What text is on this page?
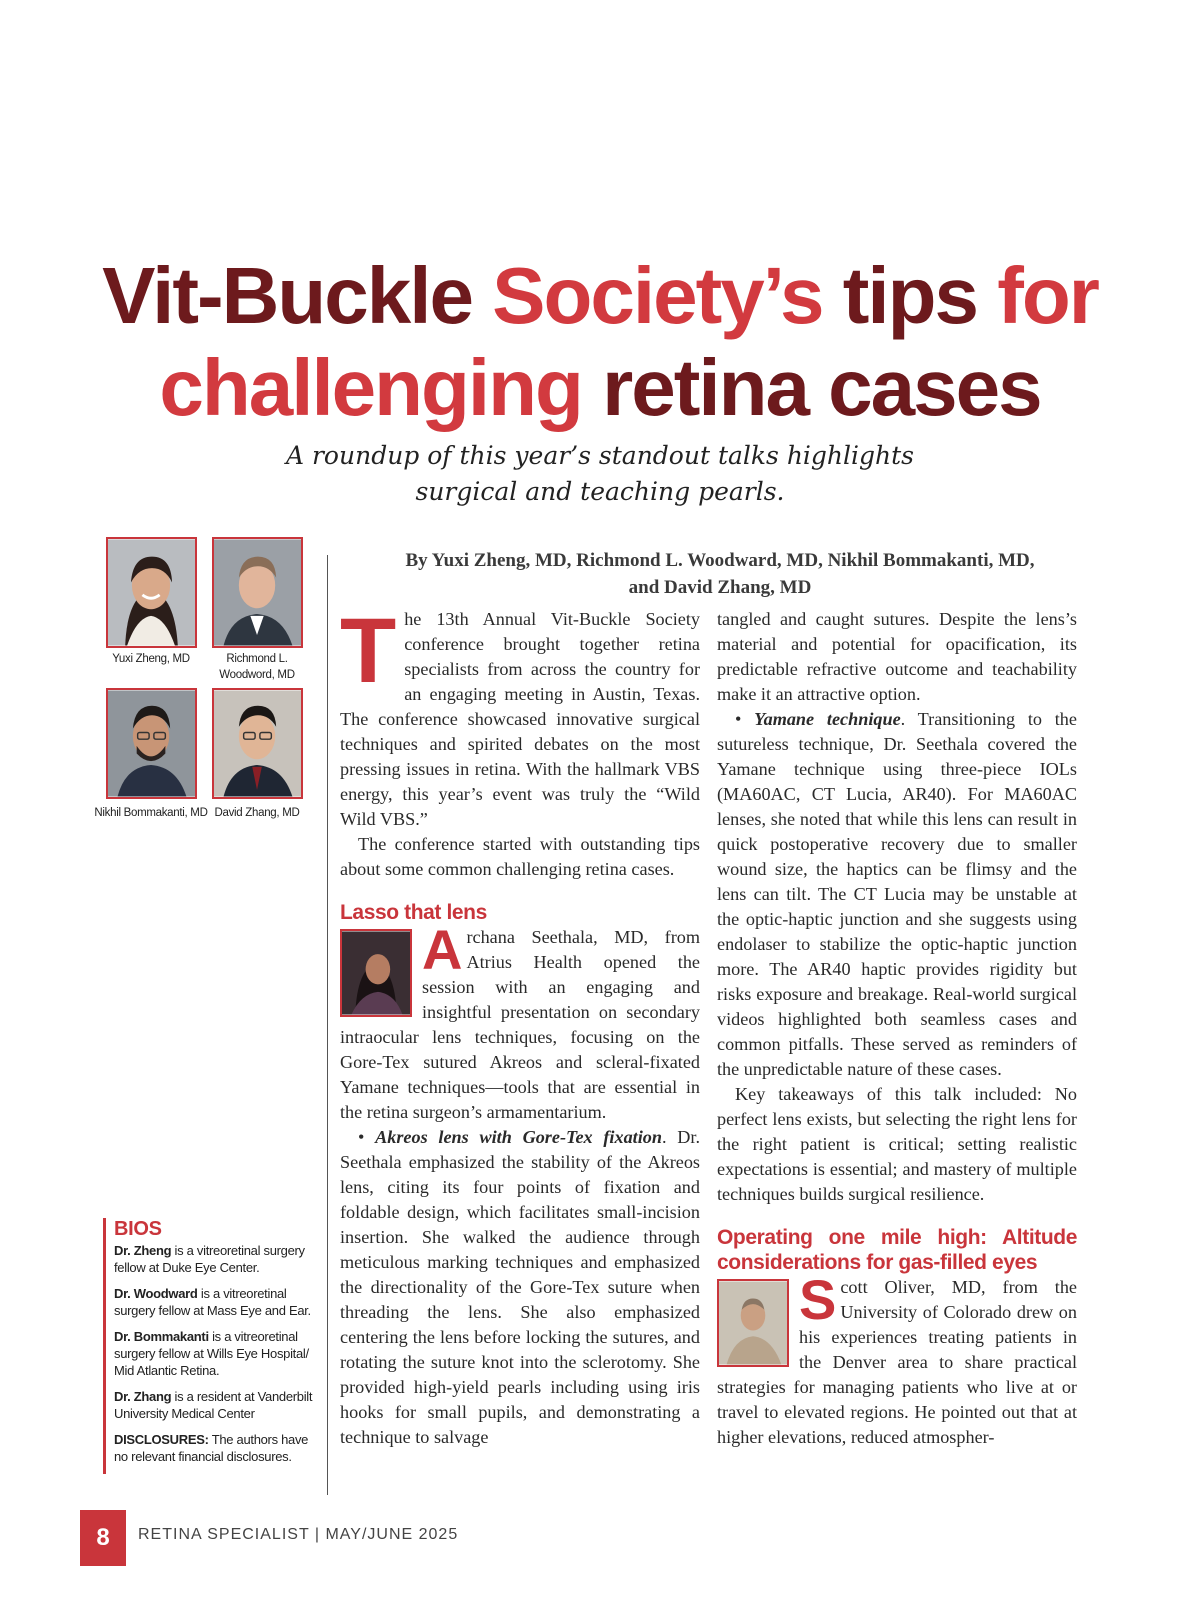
Vit-Buckle Society’s tips for
challenging retina cases
A roundup of this year’s standout talks highlights
surgical and teaching pearls.
By Yuxi Zheng, MD, Richmond L. Woodward, MD, Nikhil Bommakanti, MD,
and David Zhang, MD
Yuxi Zheng, MD	Richmond L.
Woodword, MD
Nikhil Bommakanti, MD David Zhang, MD
BIOS

Dr. Zheng is a vitreoretinal surgery fellow at Duke Eye Center.

Dr. Woodward is a vitreoretinal surgery fellow at Mass Eye and Ear.

Dr. Bommakanti is a vitreoretinal surgery fellow at Wills Eye Hospital/ Mid Atlantic Retina.

Dr. Zhang is a resident at Vanderbilt University Medical Center

DISCLOSURES: The authors have no relevant financial disclosures.

The 13th Annual Vit-Buckle Society conference brought together retina specialists from across the country for an engaging meeting in Austin, Texas. The conference showcased innovative surgical techniques and spirited debates on the most pressing issues in retina. With the hallmark VBS energy, this year’s event was truly the “Wild Wild VBS.”

The conference started with outstanding tips about some common challenging retina cases.

Lasso that lens

Archana Seethala, MD, from Atrius Health opened the session with an engaging and insightful presentation on secondary intraocular lens techniques, focusing on the Gore-Tex sutured Akreos and scleral-fixated Yamane techniques—tools that are essential in the retina surgeon’s armamentarium.

• Akreos lens with Gore-Tex fixation. Dr. Seethala emphasized the stability of the Akreos lens, citing its four points of fixation and foldable design, which facilitates small-incision insertion. She walked the audience through meticulous marking techniques and emphasized the directionality of the Gore-Tex suture when threading the lens. She also emphasized centering the lens before locking the sutures, and rotating the suture knot into the sclerotomy. She provided high-yield pearls including using iris hooks for small pupils, and demonstrating a technique to salvage

tangled and caught sutures. Despite the lens’s material and potential for opacification, its predictable refractive outcome and teachability make it an attractive option.

• Yamane technique. Transitioning to the sutureless technique, Dr. Seethala covered the Yamane technique using three-piece IOLs (MA60AC, CT Lucia, AR40). For MA60AC lenses, she noted that while this lens can result in quick postoperative recovery due to smaller wound size, the haptics can be flimsy and the lens can tilt. The CT Lucia may be unstable at the optic-haptic junction and she suggests using endolaser to stabilize the optic-haptic junction more. The AR40 haptic provides rigidity but risks exposure and breakage. Real-world surgical videos highlighted both seamless cases and common pitfalls. These served as reminders of the unpredictable nature of these cases.

Key takeaways of this talk included: No perfect lens exists, but selecting the right lens for the right patient is critical; setting realistic expectations is essential; and mastery of multiple techniques builds surgical resilience.

Operating one mile high: Altitude considerations for gas-filled eyes

Scott Oliver, MD, from the University of Colorado drew on his experiences treating patients in the Denver area to share practical strategies for managing patients who live at or travel to elevated regions. He pointed out that at higher elevations, reduced atmospher-

8	RETINA SPECIALIST | MAY/JUNE 2025
